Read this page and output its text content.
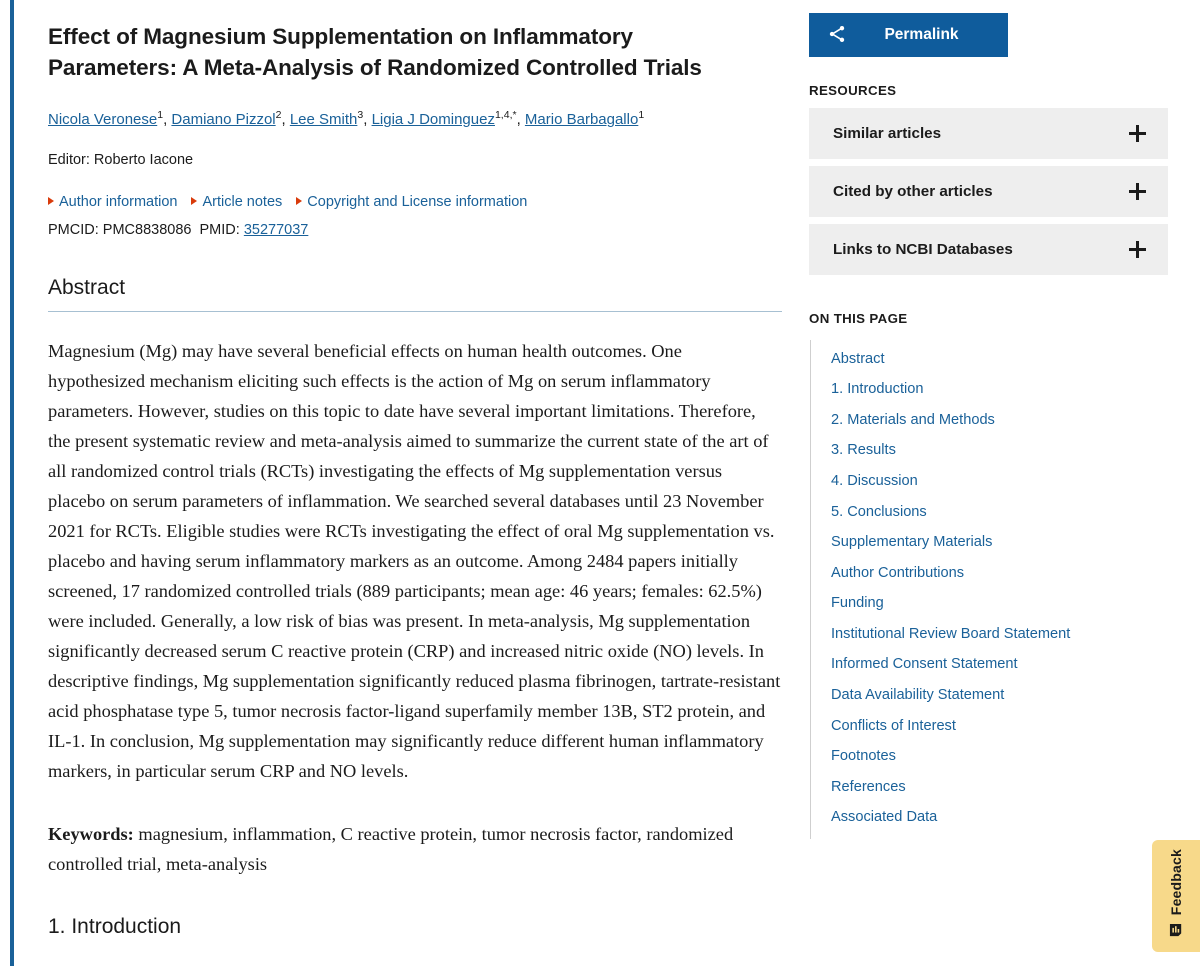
Effect of Magnesium Supplementation on Inflammatory Parameters: A Meta-Analysis of Randomized Controlled Trials
Nicola Veronese$^1$, Damiano Pizzol$^2$, Lee Smith$^3$, Ligia J Dominguez$^{1,4,*}$, Mario Barbagallo$^1$
Editor: Roberto Iacone
Author information	Article notes	Copyright and License information
PMCID: PMC8838086 PMID: 35277037
Abstract

Magnesium (Mg) may have several beneficial effects on human health outcomes. One hypothesized mechanism eliciting such effects is the action of Mg on serum inflammatory parameters. However, studies on this topic to date have several important limitations. Therefore, the present systematic review and meta-analysis aimed to summarize the current state of the art of all randomized control trials (RCTs) investigating the effects of Mg supplementation versus placebo on serum parameters of inflammation. We searched several databases until 23 November 2021 for RCTs. Eligible studies were RCTs investigating the effect of oral Mg supplementation vs. placebo and having serum inflammatory markers as an outcome. Among 2484 papers initially screened, 17 randomized controlled trials (889 participants; mean age: 46 years; females: 62.5%) were included. Generally, a low risk of bias was present. In meta-analysis, Mg supplementation significantly decreased serum C reactive protein (CRP) and increased nitric oxide (NO) levels. In descriptive findings, Mg supplementation significantly reduced plasma fibrinogen, tartrate-resistant acid phosphatase type 5, tumor necrosis factor-ligand superfamily member 13B, ST2 protein, and IL-1. In conclusion, Mg supplementation may significantly reduce different human inflammatory markers, in particular serum CRP and NO levels.

Keywords: magnesium, inflammation, C reactive protein, tumor necrosis factor, randomized controlled trial, meta-analysis

1. Introduction
Permalink
RESOURCES
Similar articles
Cited by other articles
Links to NCBI Databases
ON THIS PAGE
Abstract
1. Introduction
2. Materials and Methods
3. Results
4. Discussion
5. Conclusions
Supplementary Materials
Author Contributions
Funding
Institutional Review Board Statement
Informed Consent Statement
Data Availability Statement
Conflicts of Interest
Footnotes
References
Associated Data
Feedback
